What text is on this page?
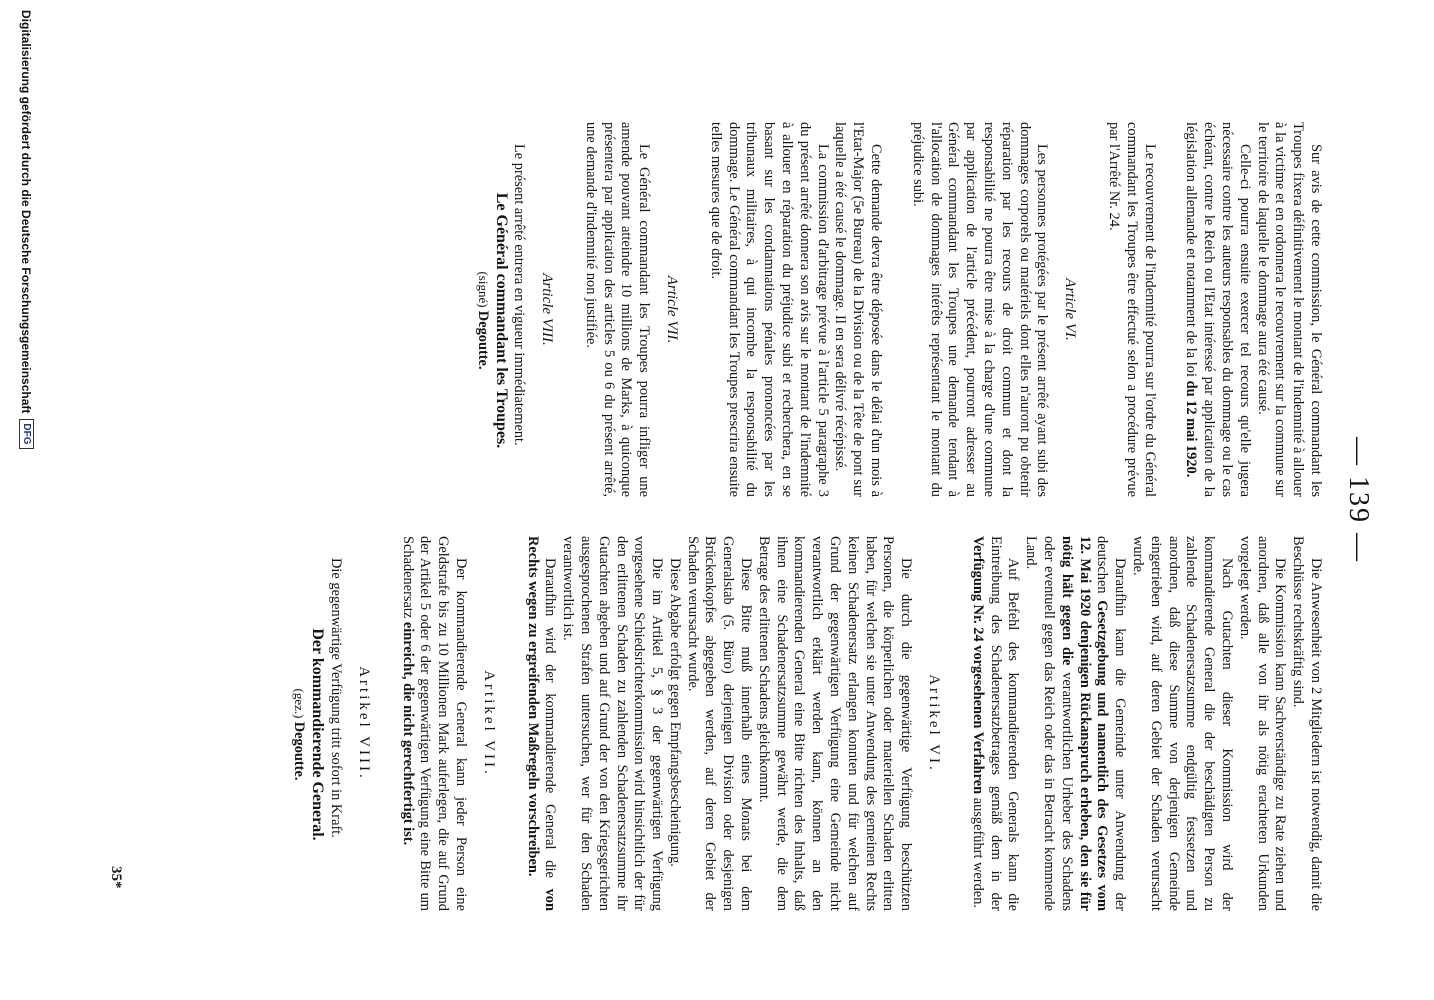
— 139 —

Sur avis de cette commission, le Général commandant les Troupes fixera définitivement le montant de l'indemnité à allouer à la victime et en ordonnera le recouvrement sur la commune sur le territoire de laquelle le dommage aura été causé.

Celle-ci pourra ensuite exercer tel recours qu'elle jugera nécessaire contre les auteurs responsables du dommage ou le cas échéant, contre le Reich ou l'Etat intéressé par application de la législation allemande et notamment de la loi du 12 mai 1920.

Le recouvrement de l'indemnité pourra sur l'ordre du Général commandant les Troupes être effectué selon a procédure prévue par l'Arrêté Nr. 24.

Article VI.

Les personnes protégées par le présent arrêté ayant subi des dommages corporels ou matériels dont elles n'auront pu obtenir réparation par les recours de droit commun et dont la responsabilité ne pourra être mise à la charge d'une commune par application de l'article précédent, pourront adresser au Général commandant les Troupes une demande tendant à l'allocation de dommages intérêts représentant le montant du préjudice subi.

Cette demande devra être déposée dans le délai d'un mois à l'Etat-Major (5e Bureau) de la Division ou de la Tête de pont sur laquelle a été causé le dommage. Il en sera délivré récépissé.

La commission d'arbitrage prévue à l'article 5 paragraphe 3 du présent arrêté donnera son avis sur le montant de l'indemnité à allouer en réparation du préjudice subi et recherchera, en se basant sur les condamnations pénales prononcées par les tribunaux militaires, à qui incombe la responsabilité du dommage. Le Général commandant les Troupes prescrira ensuite telles mesures que de droit.

Article VII.

Le Général commandant les Troupes pourra infliger une amende pouvant atteindre 10 millions de Marks, à quiconque présentera par application des articles 5 ou 6 du présent arrêté, une demande d'indemnité non justifiée.

Article VIII.

Le présent arrêté entrera en vigueur immédiatement.

Le Général commandant les Troupes.

(signé) Degoutte.

Die Anwesenheit von 2 Mitgliedern ist notwendig, damit die Beschlüsse rechtskräftig sind.

Die Kommission kann Sachverständige zu Rate ziehen und anordnen, daß alle von ihr als nötig erachteten Urkunden vorgelegt werden.

Nach Gutachten dieser Kommission wird der kommandierende General die der beschädigten Person zu zahlende Schadenersatzsumme endgültig festsetzen und anordnen, daß diese Summe von derjenigen Gemeinde eingetrieben wird, auf deren Gebiet der Schaden verursacht wurde.

Daraufhin kann die Gemeinde unter Anwendung der deutschen Gesetzgebung und namentlich des Gesetzes vom 12. Mai 1920 denjenigen Rückanspruch erheben, den sie für nötig hält gegen die verantwortlichen Urheber des Schadens oder eventuell gegen das Reich oder das in Betracht kommende Land.

Auf Befehl des kommandierenden Generals kann die Eintreibung des Schadenersatzbetrages gemäß dem in der Verfügung Nr. 24 vorgesehenen Verfahren ausgeführt werden.

Artikel VI.

Die durch die gegenwärtige Verfügung beschützten Personen, die körperlichen oder materiellen Schaden erlitten haben, für welchen sie unter Anwendung des gemeinen Rechts keinen Schadenersatz erlangen konnten und für welchen auf Grund der gegenwärtigen Verfügung eine Gemeinde nicht verantwortlich erklärt werden kann, können an den kommandierenden General eine Bitte richten des Inhalts, daß ihnen eine Schadenersatzsumme gewährt werde, die dem Betrage des erlittenen Schadens gleichkommt.

Diese Bitte muß innerhalb eines Monats bei dem Generalstab (5. Büro) derjenigen Division oder desjenigen Brückenkopfes abgegeben werden, auf deren Gebiet der Schaden verursacht wurde.

Diese Abgabe erfolgt gegen Empfangsbescheinigung.

Die im Artikel 5, § 3 der gegenwärtigen Verfügung vorgesehene Schiedsrichterkommission wird hinsichtlich der für den erlittenen Schaden zu zahlenden Schadenersatzsumme ihr Gutachten abgeben und auf Grund der von den Kriegsgerichten ausgesprochenen Strafen untersuchen, wer für den Schaden verantwortlich ist.

Daraufhin wird der kommandierende General die von Rechts wegen zu ergreifenden Maßregeln vorschreiben.

Artikel VII.

Der kommandierende General kann jeder Person eine Geldstrafe bis zu 10 Millionen Mark auferlegen, die auf Grund der Artikel 5 oder 6 der gegenwärtigen Verfügung eine Bitte um Schadenersatz einreicht, die nicht gerechtfertigt ist.

Artikel VIII.

Die gegenwärtige Verfügung tritt sofort in Kraft.

Der kommandierende General.

(gez.) Degoutte.

35*
Digitalisierung gefördert durch die Deutsche Forschungsgemeinschaft
DFG
